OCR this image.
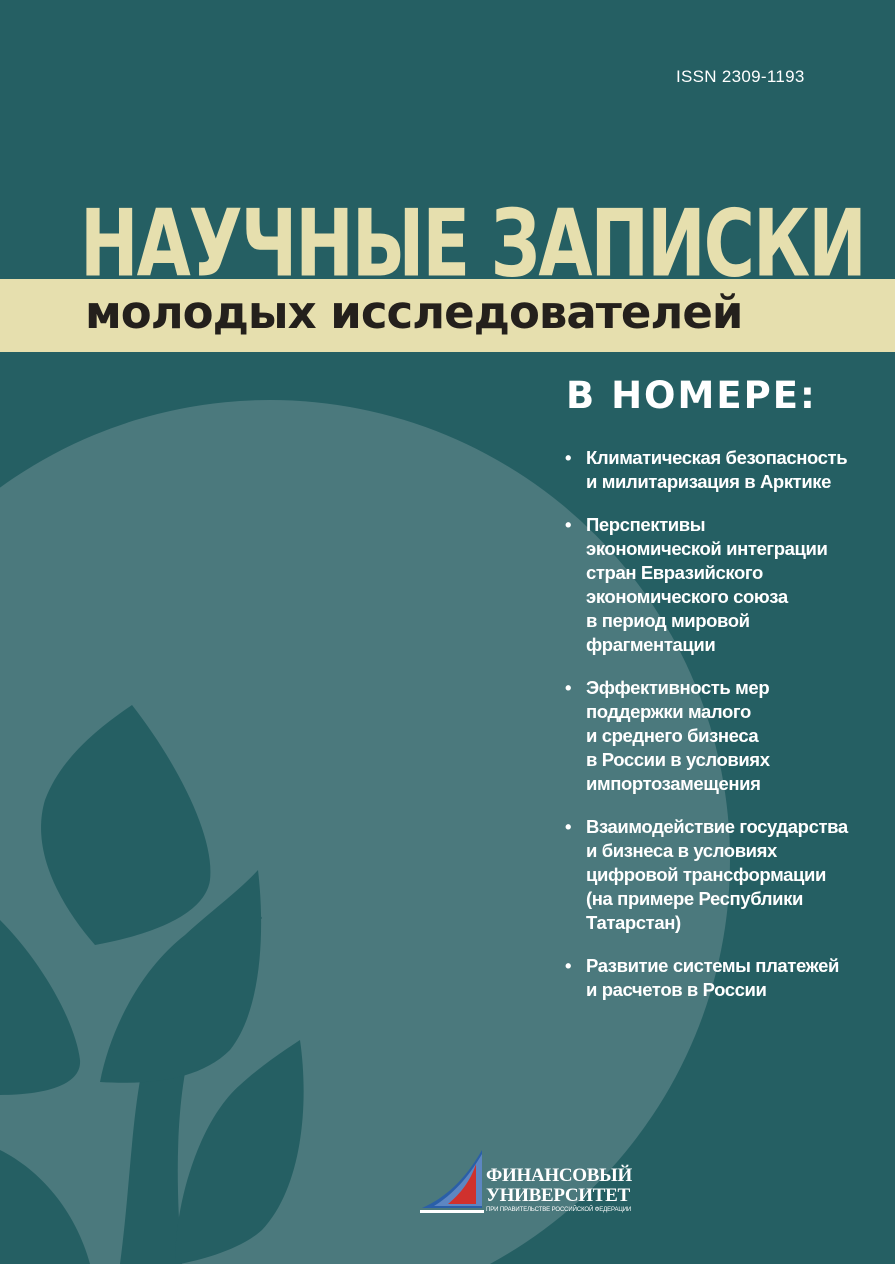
ISSN 2309-1193
НАУЧНЫЕ ЗАПИСКИ
молодых исследователей
В НОМЕРЕ:
• Климатическая безопасность
и милитаризация в Арктике
• Перспективы
экономической интеграции
стран Евразийского
экономического союза
в период мировой
фрагментации
• Эффективность мер
поддержки малого
и среднего бизнеса
в России в условиях
импортозамещения
• Взаимодействие государства
и бизнеса в условиях
цифровой трансформации
(на примере Республики
Татарстан)
• Развитие системы платежей
и расчетов в России
ФИНАНСОВЫЙ
УНИВЕРСИТЕТ
ПРИ ПРАВИТЕЛЬСТВЕ РОССИЙСКОЙ ФЕДЕРАЦИИ
